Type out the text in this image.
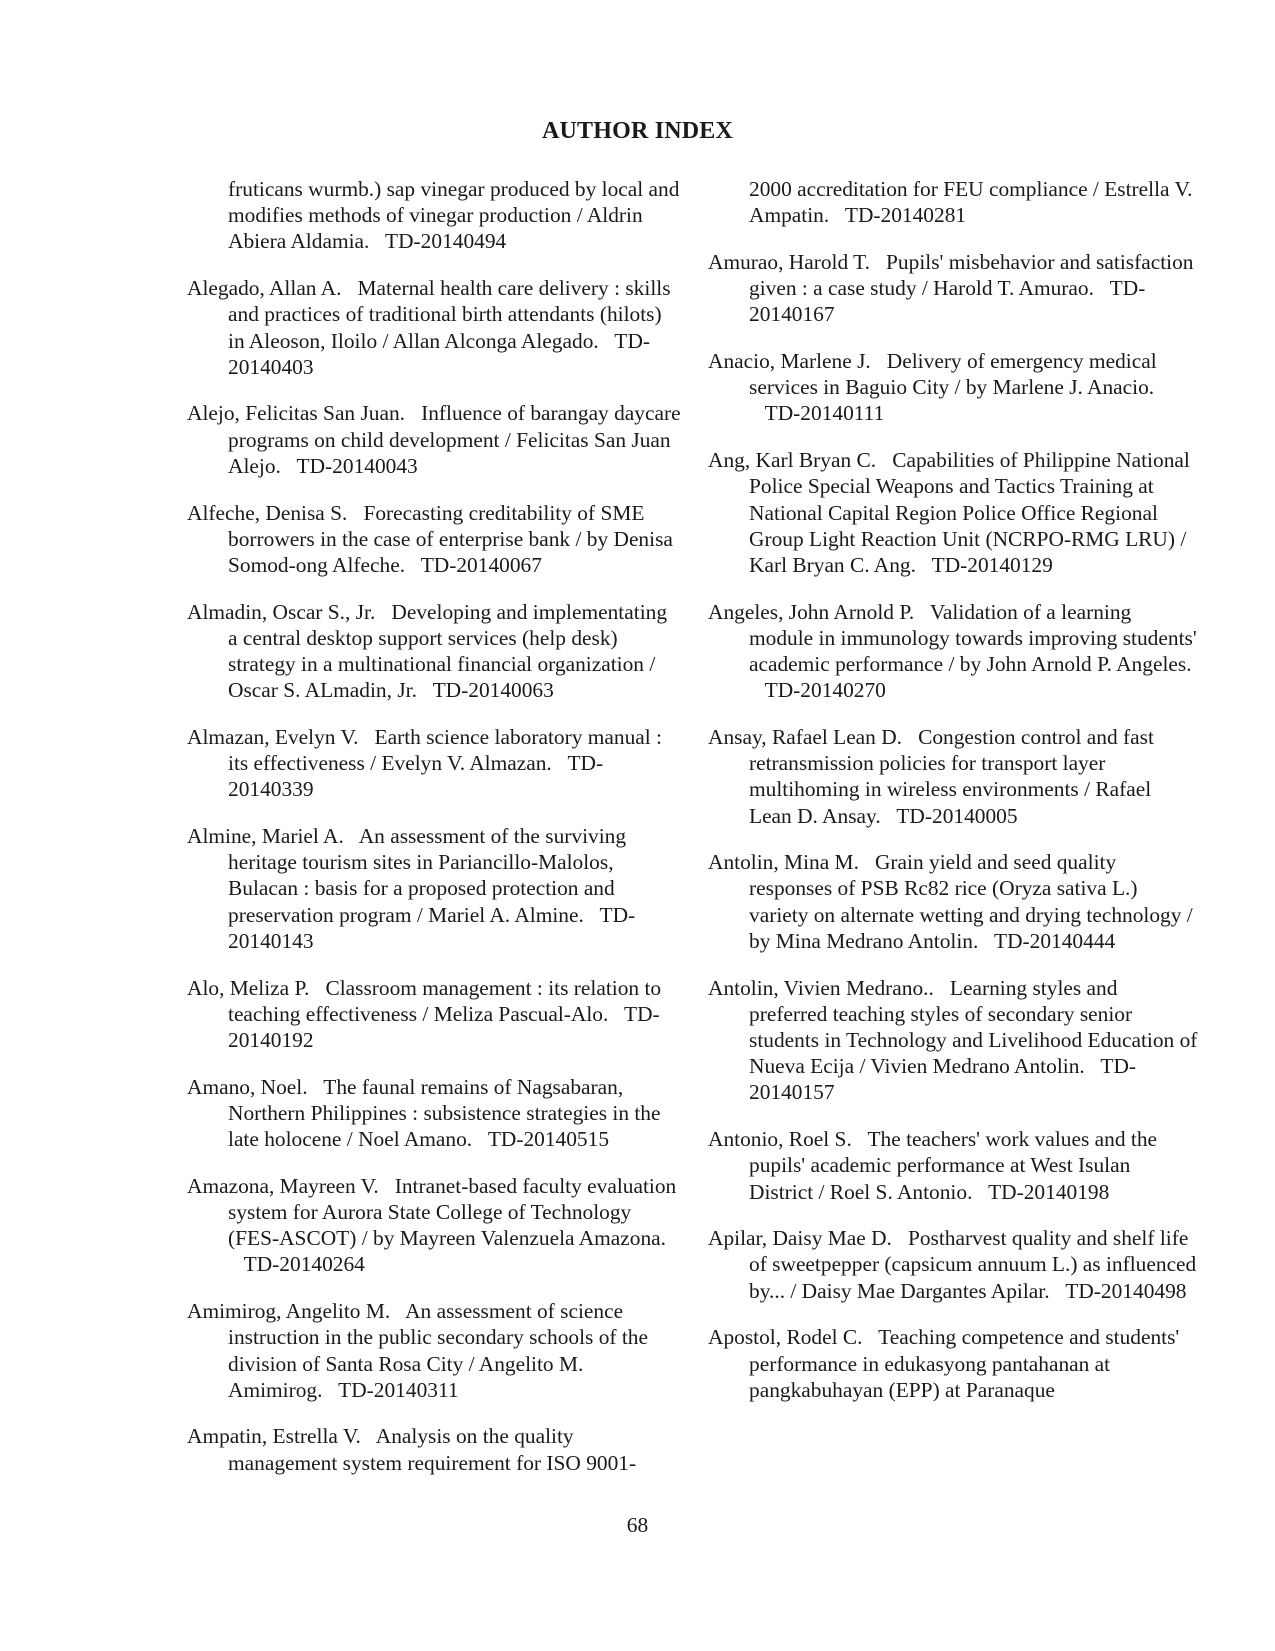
AUTHOR INDEX

fruticans wurmb.) sap vinegar produced by local and modifies methods of vinegar production / Aldrin Abiera Aldamia. TD-20140494

Alegado, Allan A. Maternal health care delivery : skills and practices of traditional birth attendants (hilots) in Aleoson, Iloilo / Allan Alconga Alegado. TD-20140403

Alejo, Felicitas San Juan. Influence of barangay daycare programs on child development / Felicitas San Juan Alejo. TD-20140043

Alfeche, Denisa S. Forecasting creditability of SME borrowers in the case of enterprise bank / by Denisa Somod-ong Alfeche. TD-20140067

Almadin, Oscar S., Jr. Developing and implementating a central desktop support services (help desk) strategy in a multinational financial organization / Oscar S. ALmadin, Jr. TD-20140063

Almazan, Evelyn V. Earth science laboratory manual : its effectiveness / Evelyn V. Almazan. TD-20140339

Almine, Mariel A. An assessment of the surviving heritage tourism sites in Pariancillo-Malolos, Bulacan : basis for a proposed protection and preservation program / Mariel A. Almine. TD-20140143

Alo, Meliza P. Classroom management : its relation to teaching effectiveness / Meliza Pascual-Alo. TD-20140192

Amano, Noel. The faunal remains of Nagsabaran, Northern Philippines : subsistence strategies in the late holocene / Noel Amano. TD-20140515

Amazona, Mayreen V. Intranet-based faculty evaluation system for Aurora State College of Technology (FES-ASCOT) / by Mayreen Valenzuela Amazona.   TD-20140264

Amimirog, Angelito M. An assessment of science instruction in the public secondary schools of the division of Santa Rosa City / Angelito M. Amimirog. TD-20140311

Ampatin, Estrella V. Analysis on the quality management system requirement for ISO 9001-

2000 accreditation for FEU compliance / Estrella V. Ampatin. TD-20140281

Amurao, Harold T. Pupils' misbehavior and satisfaction given : a case study / Harold T. Amurao. TD-20140167

Anacio, Marlene J. Delivery of emergency medical services in Baguio City / by Marlene J. Anacio.   TD-20140111

Ang, Karl Bryan C. Capabilities of Philippine National Police Special Weapons and Tactics Training at National Capital Region Police Office Regional Group Light Reaction Unit (NCRPO-RMG LRU) / Karl Bryan C. Ang. TD-20140129

Angeles, John Arnold P. Validation of a learning module in immunology towards improving students' academic performance / by John Arnold P. Angeles.   TD-20140270

Ansay, Rafael Lean D. Congestion control and fast retransmission policies for transport layer multihoming in wireless environments / Rafael Lean D. Ansay. TD-20140005

Antolin, Mina M. Grain yield and seed quality responses of PSB Rc82 rice (Oryza sativa L.) variety on alternate wetting and drying technology / by Mina Medrano Antolin. TD-20140444

Antolin, Vivien Medrano.. Learning styles and preferred teaching styles of secondary senior students in Technology and Livelihood Education of Nueva Ecija / Vivien Medrano Antolin. TD-20140157

Antonio, Roel S. The teachers' work values and the pupils' academic performance at West Isulan District / Roel S. Antonio. TD-20140198

Apilar, Daisy Mae D. Postharvest quality and shelf life of sweetpepper (capsicum annuum L.) as influenced by... / Daisy Mae Dargantes Apilar. TD-20140498

Apostol, Rodel C. Teaching competence and students' performance in edukasyong pantahanan at pangkabuhayan (EPP) at Paranaque

68
